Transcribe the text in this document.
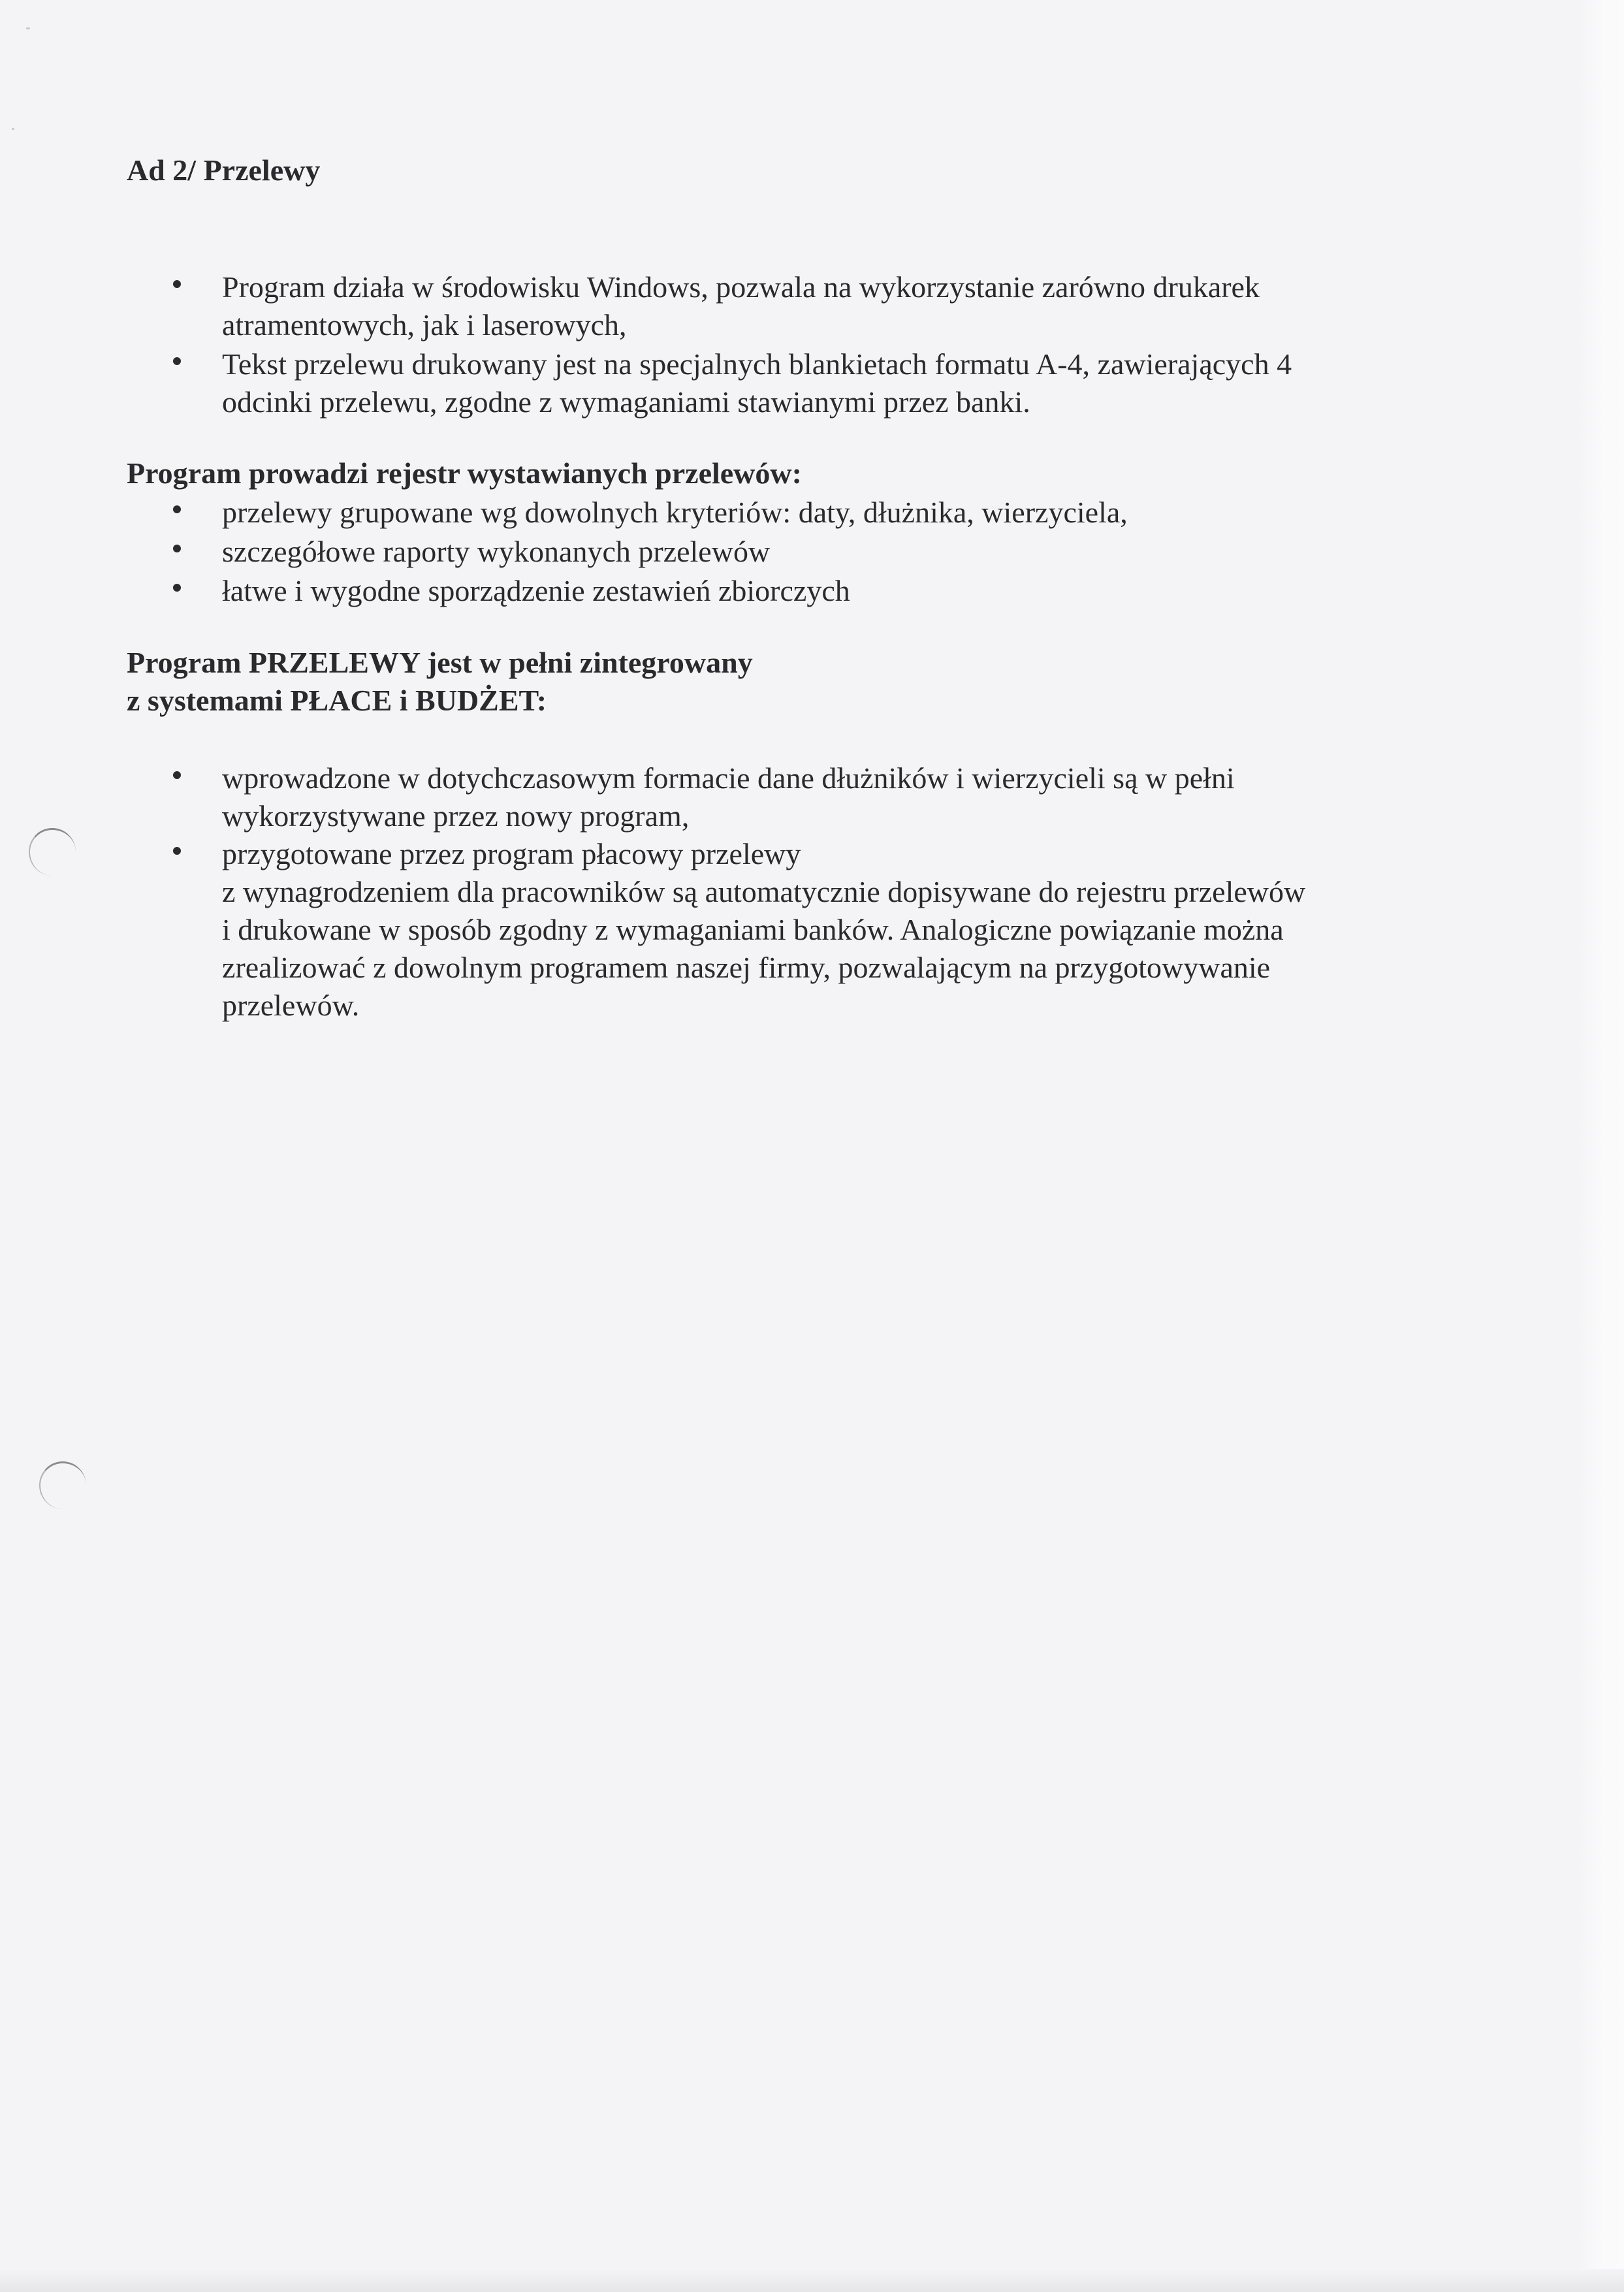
Ad 2/ Przelewy
Program działa w środowisku Windows, pozwala na wykorzystanie zarówno drukarek
atramentowych, jak i laserowych,
Tekst przelewu drukowany jest na specjalnych blankietach formatu A-4, zawierających 4
odcinki przelewu, zgodne z wymaganiami stawianymi przez banki.
Program prowadzi rejestr wystawianych przelewów:
przelewy grupowane wg dowolnych kryteriów: daty, dłużnika, wierzyciela,
szczegółowe raporty wykonanych przelewów
łatwe i wygodne sporządzenie zestawień zbiorczych
Program PRZELEWY jest w pełni zintegrowany
z systemami PŁACE i BUDŻET:
wprowadzone w dotychczasowym formacie dane dłużników i wierzycieli są w pełni
wykorzystywane przez nowy program,
przygotowane przez program płacowy przelewy
z wynagrodzeniem dla pracowników są automatycznie dopisywane do rejestru przelewów
i drukowane w sposób zgodny z wymaganiami banków. Analogiczne powiązanie można
zrealizować z dowolnym programem naszej firmy, pozwalającym na przygotowywanie
przelewów.
